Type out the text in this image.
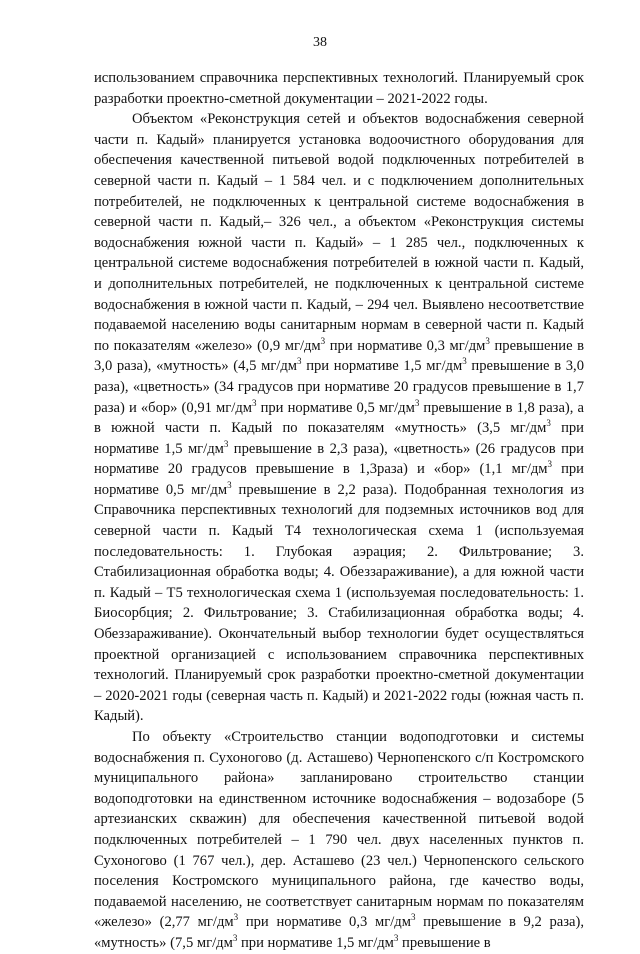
38

использованием справочника перспективных технологий. Планируемый срок разработки проектно-сметной документации – 2021-2022 годы.

Объектом «Реконструкция сетей и объектов водоснабжения северной части п. Кадый» планируется установка водоочистного оборудования для обеспечения качественной питьевой водой подключенных потребителей в северной части п. Кадый – 1 584 чел. и с подключением дополнительных потребителей, не подключенных к центральной системе водоснабжения в северной части п. Кадый,– 326 чел., а объектом «Реконструкция системы водоснабжения южной части п. Кадый» – 1 285 чел., подключенных к центральной системе водоснабжения потребителей в южной части п. Кадый, и дополнительных потребителей, не подключенных к центральной системе водоснабжения в южной части п. Кадый, – 294 чел. Выявлено несоответствие подаваемой населению воды санитарным нормам в северной части п. Кадый по показателям «железо» (0,9 $мг/дм^3$ при нормативе 0,3 $мг/дм^3$ превышение в 3,0 раза), «мутность» (4,5 $мг/дм^3$ при нормативе 1,5 $мг/дм^3$ превышение в 3,0 раза), «цветность» (34 градусов при нормативе 20 градусов превышение в 1,7 раза) и «бор» (0,91 $мг/дм^3$ при нормативе 0,5 $мг/дм^3$ превышение в 1,8 раза), а в южной части п. Кадый по показателям «мутность» (3,5 $мг/дм^3$ при нормативе 1,5 $мг/дм^3$ превышение в 2,3 раза), «цветность» (26 градусов при нормативе 20 градусов превышение в 1,3раза) и «бор» (1,1 $мг/дм^3$ при нормативе 0,5 $мг/дм^3$ превышение в 2,2 раза). Подобранная технология из Справочника перспективных технологий для подземных источников вод для северной части п. Кадый Т4 технологическая схема 1 (используемая последовательность: 1. Глубокая аэрация; 2. Фильтрование; 3. Стабилизационная обработка воды; 4. Обеззараживание), а для южной части п. Кадый – Т5 технологическая схема 1 (используемая последовательность: 1. Биосорбция; 2. Фильтрование; 3. Стабилизационная обработка воды; 4. Обеззараживание). Окончательный выбор технологии будет осуществляться проектной организацией с использованием справочника перспективных технологий. Планируемый срок разработки проектно-сметной документации – 2020-2021 годы (северная часть п. Кадый) и 2021-2022 годы (южная часть п. Кадый).

По объекту «Строительство станции водоподготовки и системы водоснабжения п. Сухоногово (д. Асташево) Чернопенского с/п Костромского муниципального района» запланировано строительство станции водоподготовки на единственном источнике водоснабжения – водозаборе (5 артезианских скважин) для обеспечения качественной питьевой водой подключенных потребителей – 1 790 чел. двух населенных пунктов п. Сухоногово (1 767 чел.), дер. Асташево (23 чел.) Чернопенского сельского поселения Костромского муниципального района, где качество воды, подаваемой населению, не соответствует санитарным нормам по показателям «железо» (2,77 $мг/дм^3$ при нормативе 0,3 $мг/дм^3$ превышение в 9,2 раза), «мутность» (7,5 $мг/дм^3$ при нормативе 1,5 $мг/дм^3$ превышение в
